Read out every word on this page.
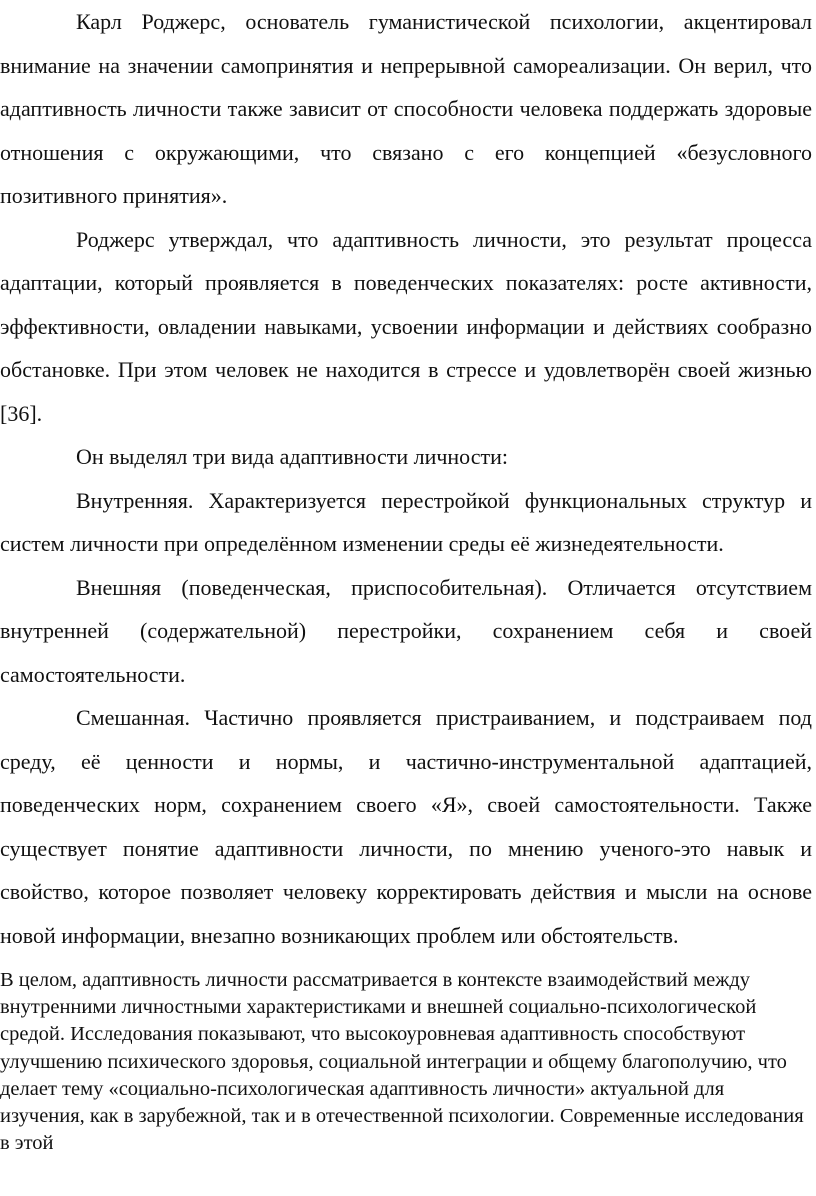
Карл Роджерс, основатель гуманистической психологии, акцентировал внимание на значении самопринятия и непрерывной самореализации. Он верил, что адаптивность личности также зависит от способности человека поддержать здоровые отношения с окружающими, что связано с его концепцией «безусловного позитивного принятия».

Роджерс утверждал, что адаптивность личности, это результат процесса адаптации, который проявляется в поведенческих показателях: росте активности, эффективности, овладении навыками, усвоении информации и действиях сообразно обстановке. При этом человек не находится в стрессе и удовлетворён своей жизнью [36].

Он выделял три вида адаптивности личности:

Внутренняя. Характеризуется перестройкой функциональных структур и систем личности при определённом изменении среды её жизнедеятельности.

Внешняя (поведенческая, приспособительная). Отличается отсутствием внутренней (содержательной) перестройки, сохранением себя и своей самостоятельности.

Смешанная. Частично проявляется пристраиванием, и подстраиваем под среду, её ценности и нормы, и частично-инструментальной адаптацией, поведенческих норм, сохранением своего «Я», своей самостоятельности. Также существует понятие адаптивности личности, по мнению ученого-это навык и свойство, которое позволяет человеку корректировать действия и мысли на основе новой информации, внезапно возникающих проблем или обстоятельств.

В целом, адаптивность личности рассматривается в контексте взаимодействий между внутренними личностными характеристиками и внешней социально-психологической средой. Исследования показывают, что высокоуровневая адаптивность способствуют улучшению психического здоровья, социальной интеграции и общему благополучию, что делает тему «социально-психологическая адаптивность личности» актуальной для изучения, как в зарубежной, так и в отечественной психологии. Современные исследования в этой
